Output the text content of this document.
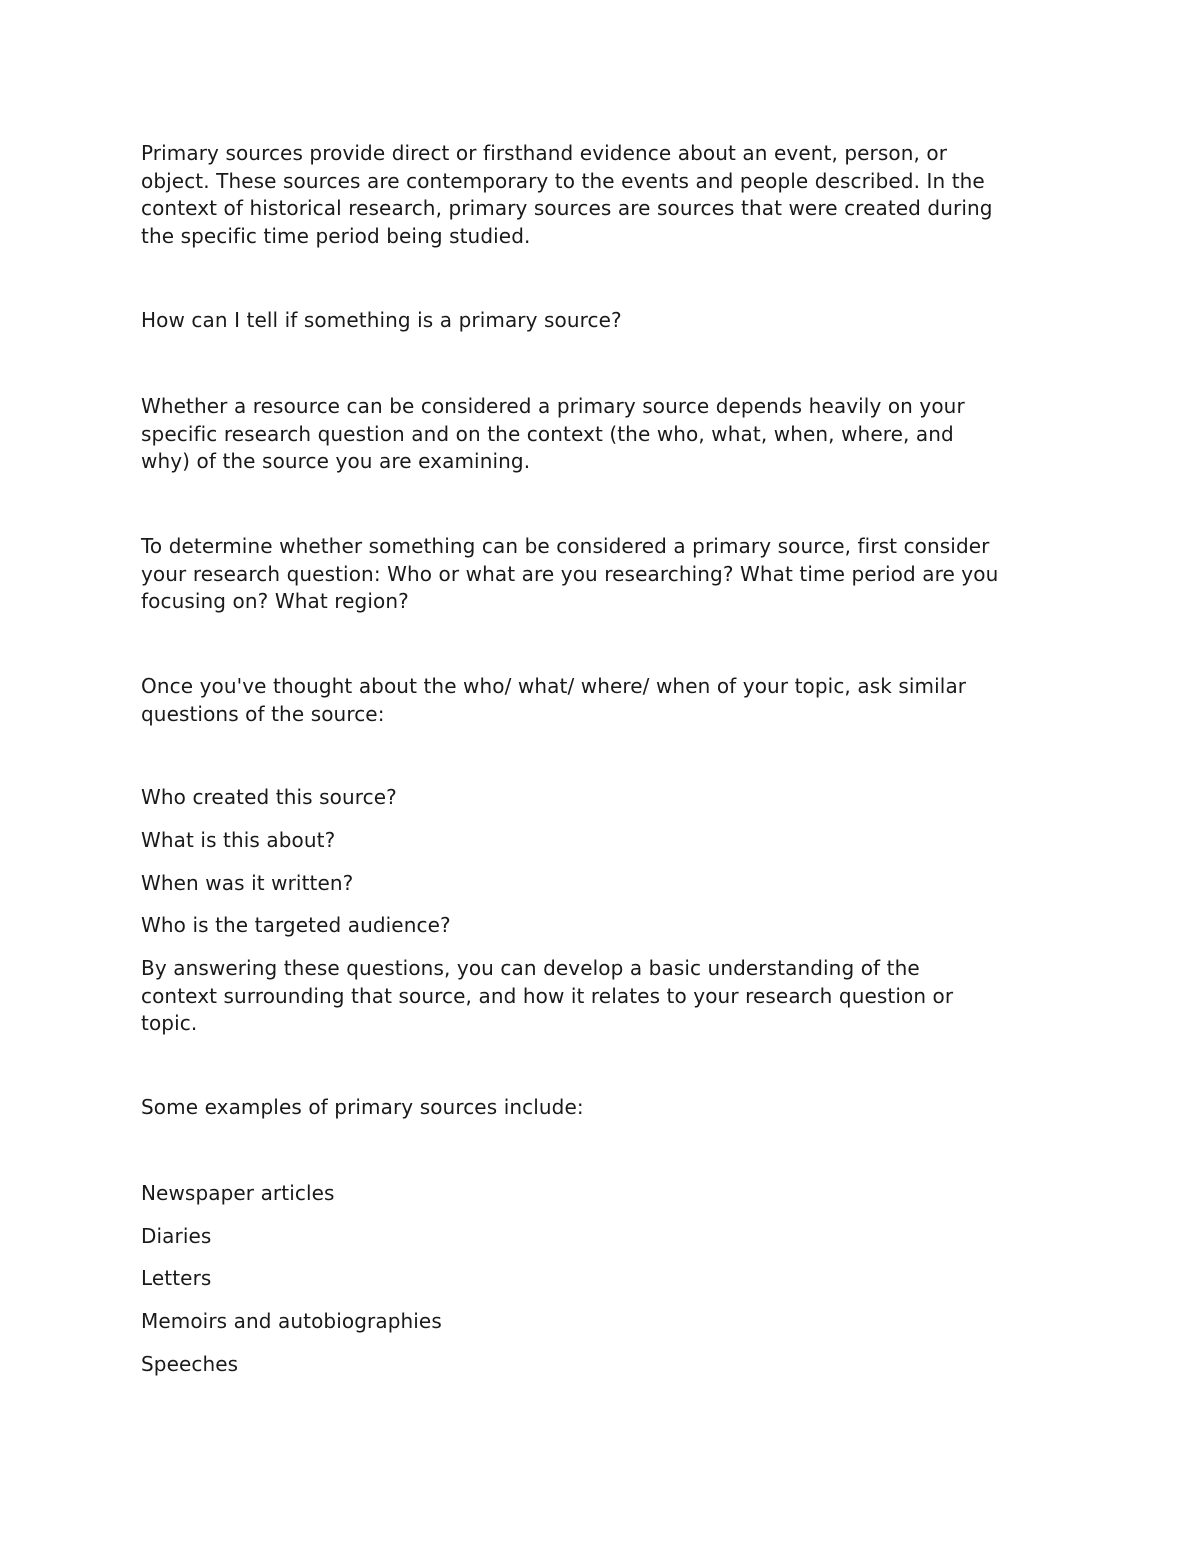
Primary sources provide direct or firsthand evidence about an event, person, or
object. These sources are contemporary to the events and people described. In the
context of historical research, primary sources are sources that were created during
the specific time period being studied.

How can I tell if something is a primary source?

Whether a resource can be considered a primary source depends heavily on your
specific research question and on the context (the who, what, when, where, and
why) of the source you are examining.

To determine whether something can be considered a primary source, first consider
your research question: Who or what are you researching? What time period are you
focusing on? What region?

Once you've thought about the who/ what/ where/ when of your topic, ask similar
questions of the source:

Who created this source?

What is this about?

When was it written?

Who is the targeted audience?

By answering these questions, you can develop a basic understanding of the
context surrounding that source, and how it relates to your research question or
topic.

Some examples of primary sources include:

Newspaper articles

Diaries

Letters

Memoirs and autobiographies

Speeches
